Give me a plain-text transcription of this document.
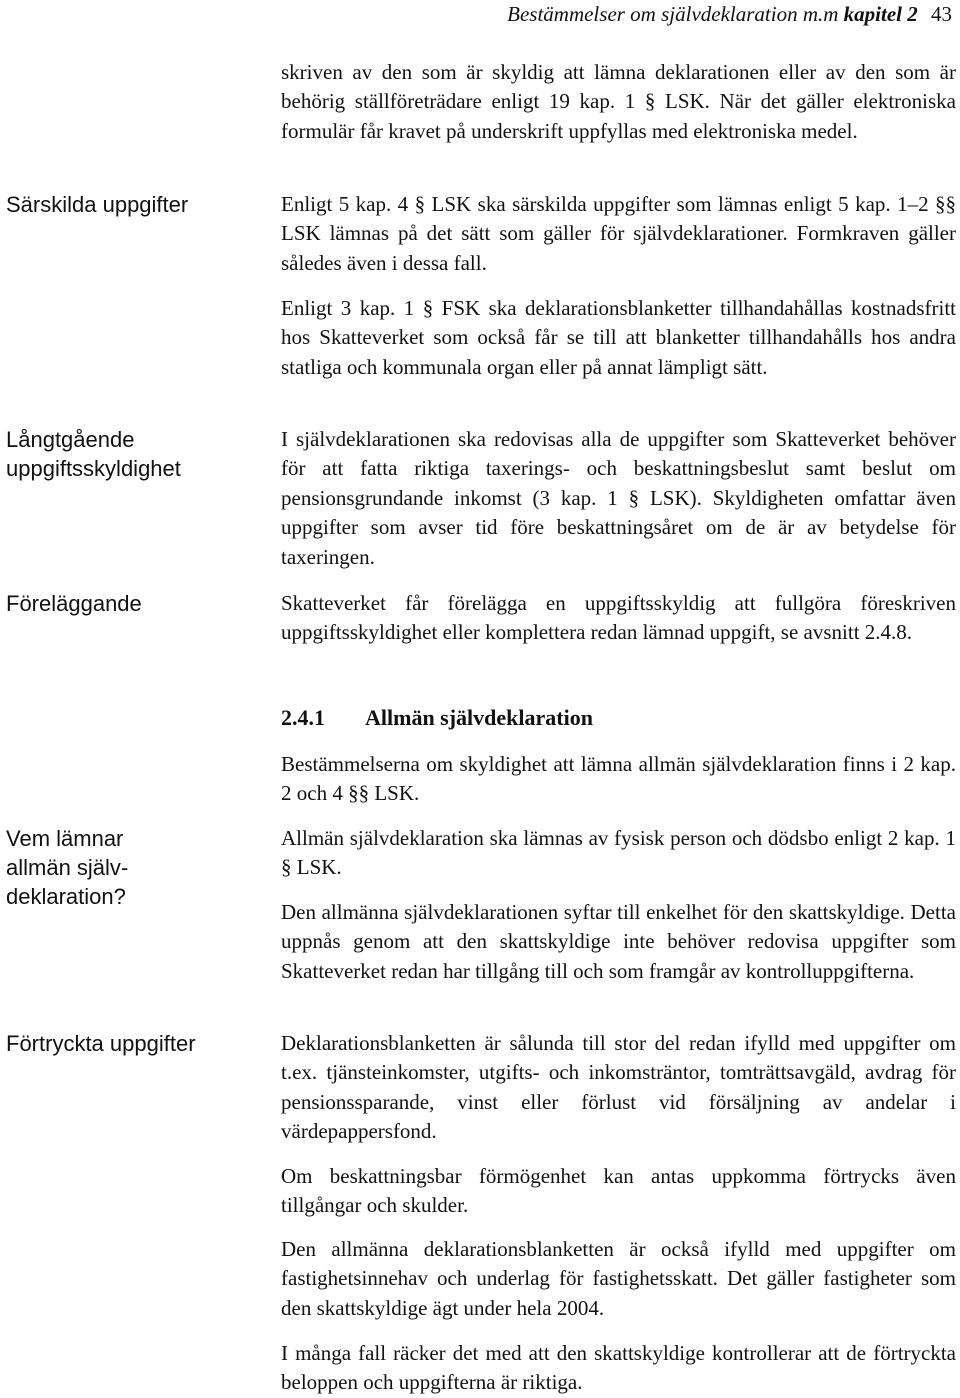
Bestämmelser om självdeklaration m.m kapitel 2 43
Särskilda uppgifter
Långtgående uppgiftsskyldighet
Föreläggande
Vem lämnar allmän självdeklaration?
Förtryckta uppgifter

skriven av den som är skyldig att lämna deklarationen eller av den som är behörig ställföreträdare enligt 19 kap. 1 § LSK. När det gäller elektroniska formulär får kravet på underskrift uppfyllas med elektroniska medel.

Enligt 5 kap. 4 § LSK ska särskilda uppgifter som lämnas enligt 5 kap. 1–2 §§ LSK lämnas på det sätt som gäller för självdeklarationer. Formkraven gäller således även i dessa fall.

Enligt 3 kap. 1 § FSK ska deklarationsblanketter tillhandahållas kostnadsfritt hos Skatteverket som också får se till att blanketter tillhandahålls hos andra statliga och kommunala organ eller på annat lämpligt sätt.

I självdeklarationen ska redovisas alla de uppgifter som Skatteverket behöver för att fatta riktiga taxerings- och beskattningsbeslut samt beslut om pensionsgrundande inkomst (3 kap. 1 § LSK). Skyldigheten omfattar även uppgifter som avser tid före beskattningsåret om de är av betydelse för taxeringen.

Skatteverket får förelägga en uppgiftsskyldig att fullgöra föreskriven uppgiftsskyldighet eller komplettera redan lämnad uppgift, se avsnitt 2.4.8.

2.4.1 Allmän självdeklaration

Bestämmelserna om skyldighet att lämna allmän självdeklaration finns i 2 kap. 2 och 4 §§ LSK.

Allmän självdeklaration ska lämnas av fysisk person och dödsbo enligt 2 kap. 1 § LSK.

Den allmänna självdeklarationen syftar till enkelhet för den skattskyldige. Detta uppnås genom att den skattskyldige inte behöver redovisa uppgifter som Skatteverket redan har tillgång till och som framgår av kontrolluppgifterna.

Deklarationsblanketten är sålunda till stor del redan ifylld med uppgifter om t.ex. tjänsteinkomster, utgifts- och inkomsträntor, tomträttsavgäld, avdrag för pensionssparande, vinst eller förlust vid försäljning av andelar i värdepappersfond.

Om beskattningsbar förmögenhet kan antas uppkomma förtrycks även tillgångar och skulder.

Den allmänna deklarationsblanketten är också ifylld med uppgifter om fastighetsinnehav och underlag för fastighetsskatt. Det gäller fastigheter som den skattskyldige ägt under hela 2004.

I många fall räcker det med att den skattskyldige kontrollerar att de förtryckta beloppen och uppgifterna är riktiga.
